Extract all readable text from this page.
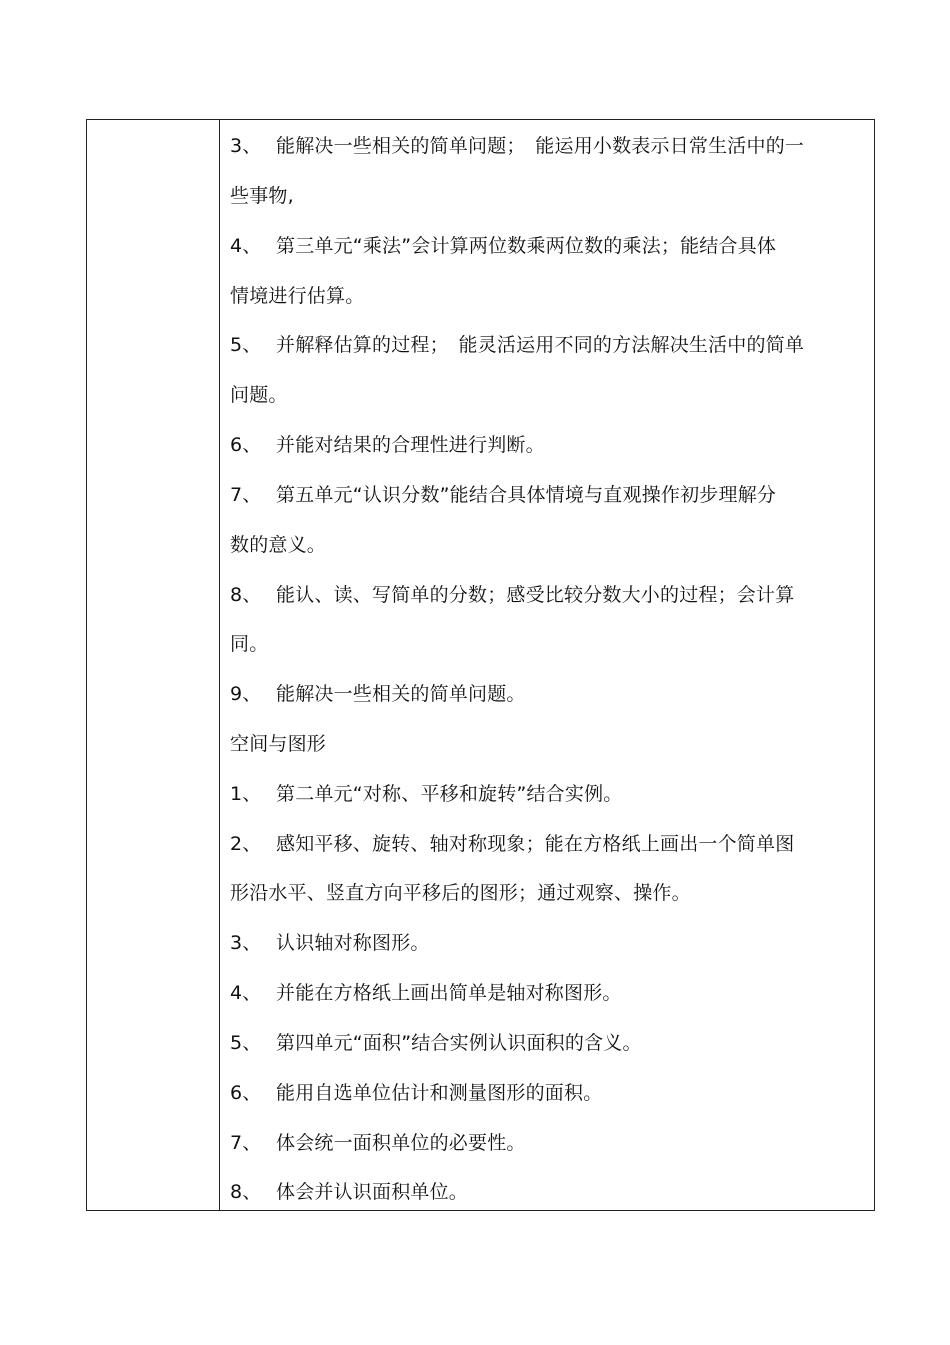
3、 能解决一些相关的简单问题；　能运用小数表示日常生活中的一
些事物,
4、 第三单元“乘法”会计算两位数乘两位数的乘法；能结合具体
情境进行估算。
5、 并解释估算的过程；　能灵活运用不同的方法解决生活中的简单
问题。
6、 并能对结果的合理性进行判断。
7、 第五单元“认识分数”能结合具体情境与直观操作初步理解分
数的意义。
8、 能认、读、写简单的分数；感受比较分数大小的过程；会计算
同。
9、 能解决一些相关的简单问题。
空间与图形
1、 第二单元“对称、平移和旋转”结合实例。
2、 感知平移、旋转、轴对称现象；能在方格纸上画出一个简单图
形沿水平、竖直方向平移后的图形；通过观察、操作。
3、 认识轴对称图形。
4、 并能在方格纸上画出简单是轴对称图形。
5、 第四单元“面积”结合实例认识面积的含义。
6、 能用自选单位估计和测量图形的面积。
7、 体会统一面积单位的必要性。
8、 体会并认识面积单位。
